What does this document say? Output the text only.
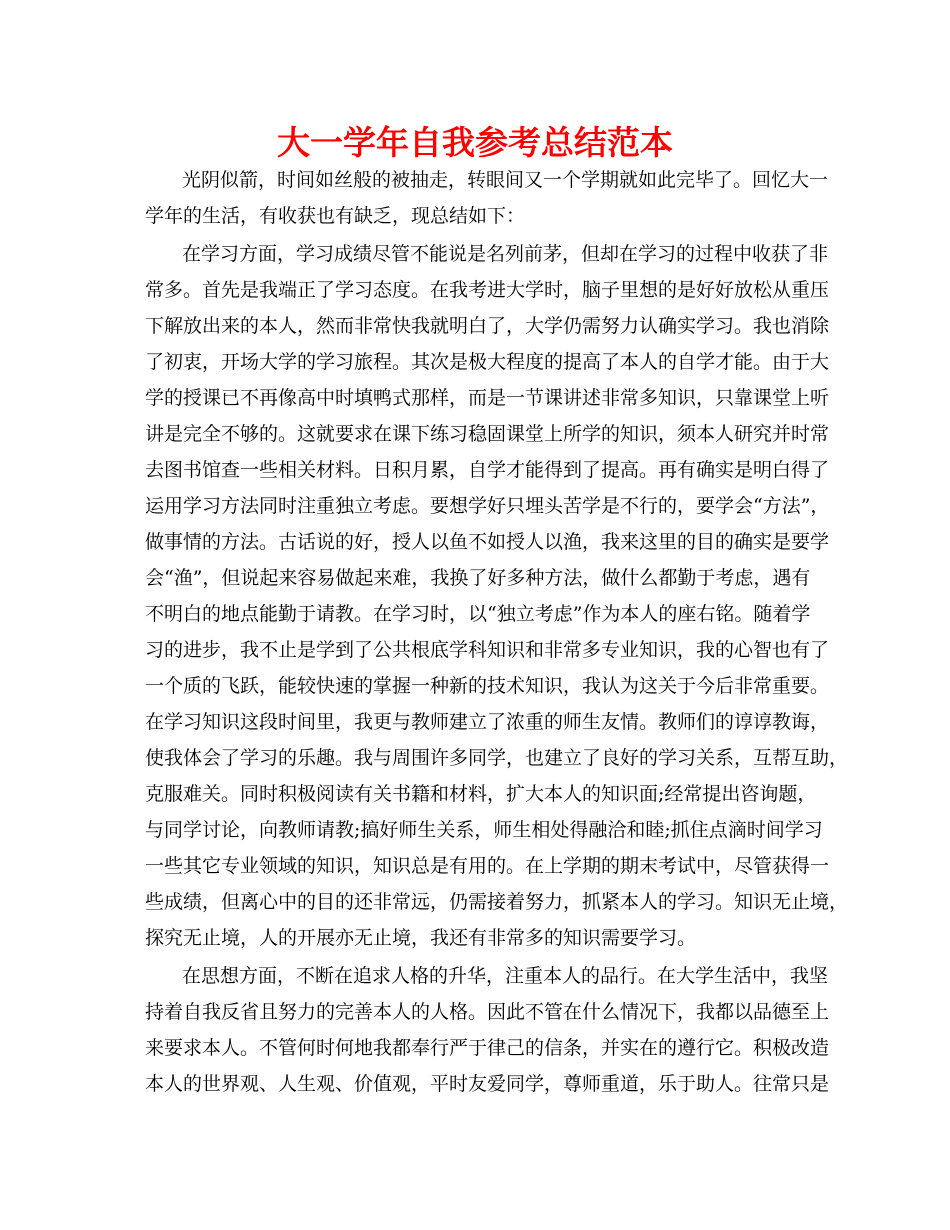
大一学年自我参考总结范本
光阴似箭，时间如丝般的被抽走，转眼间又一个学期就如此完毕了。回忆大一
学年的生活，有收获也有缺乏，现总结如下：
在学习方面，学习成绩尽管不能说是名列前茅，但却在学习的过程中收获了非
常多。首先是我端正了学习态度。在我考进大学时，脑子里想的是好好放松从重压
下解放出来的本人，然而非常快我就明白了，大学仍需努力认确实学习。我也消除
了初衷，开场大学的学习旅程。其次是极大程度的提高了本人的自学才能。由于大
学的授课已不再像高中时填鸭式那样，而是一节课讲述非常多知识，只靠课堂上听
讲是完全不够的。这就要求在课下练习稳固课堂上所学的知识，须本人研究并时常
去图书馆查一些相关材料。日积月累，自学才能得到了提高。再有确实是明白得了
运用学习方法同时注重独立考虑。要想学好只埋头苦学是不行的，要学会“方法”，
做事情的方法。古话说的好，授人以鱼不如授人以渔，我来这里的目的确实是要学
会“渔”，但说起来容易做起来难，我换了好多种方法，做什么都勤于考虑，遇有
不明白的地点能勤于请教。在学习时，以“独立考虑”作为本人的座右铭。随着学
习的进步，我不止是学到了公共根底学科知识和非常多专业知识，我的心智也有了
一个质的飞跃，能较快速的掌握一种新的技术知识，我认为这关于今后非常重要。
在学习知识这段时间里，我更与教师建立了浓重的师生友情。教师们的谆谆教诲，
使我体会了学习的乐趣。我与周围许多同学，也建立了良好的学习关系，互帮互助，
克服难关。同时积极阅读有关书籍和材料，扩大本人的知识面;经常提出咨询题，
与同学讨论，向教师请教;搞好师生关系，师生相处得融洽和睦;抓住点滴时间学习
一些其它专业领域的知识，知识总是有用的。在上学期的期末考试中，尽管获得一
些成绩，但离心中的目的还非常远，仍需接着努力，抓紧本人的学习。知识无止境，
探究无止境，人的开展亦无止境，我还有非常多的知识需要学习。
在思想方面，不断在追求人格的升华，注重本人的品行。在大学生活中，我坚
持着自我反省且努力的完善本人的人格。因此不管在什么情况下，我都以品德至上
来要求本人。不管何时何地我都奉行严于律己的信条，并实在的遵行它。积极改造
本人的世界观、人生观、价值观，平时友爱同学，尊师重道，乐于助人。往常只是
